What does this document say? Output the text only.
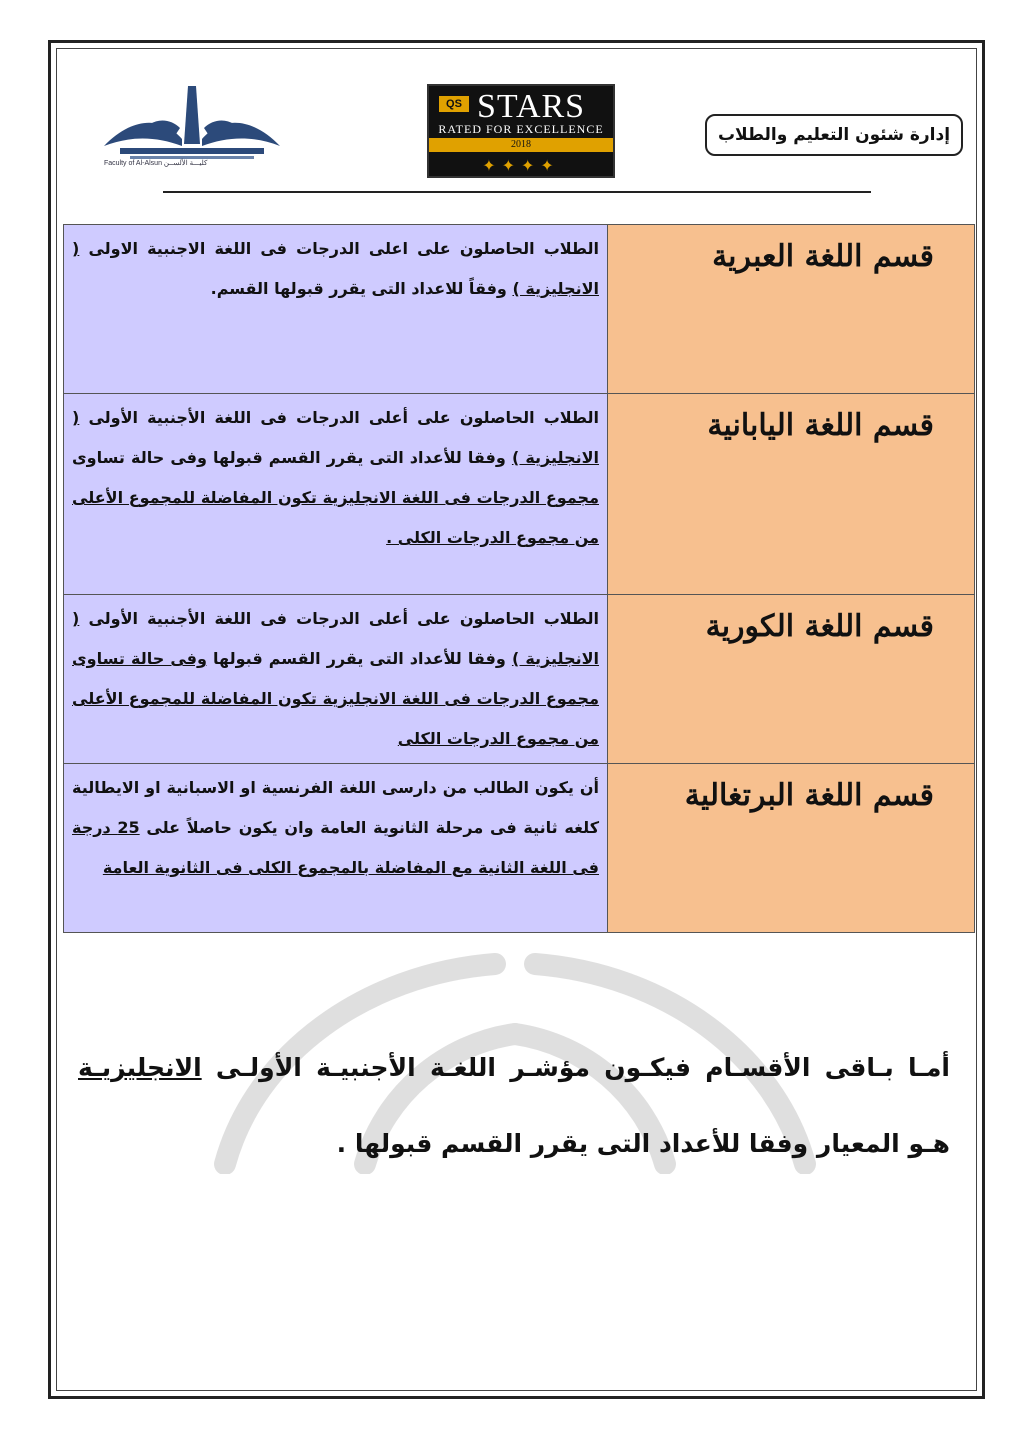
إدارة شئون التعليم والطلاب
QS STARS
RATED FOR EXCELLENCE
2018
✦✦✦✦
Faculty of Al-Alsun كليـــة الألســن
الطلاب الحاصلون على اعلى الدرجات فى اللغة الاجنبية الاولى ( الانجليزية ) وفقاً للاعداد التى يقرر قبولها القسم.	قسم اللغة العبرية

الطلاب الحاصلون على أعلى الدرجات فى اللغة الأجنبية الأولى ( الانجليزية ) وفقا للأعداد التى يقرر القسم قبولها وفى حالة تساوى مجموع الدرجات فى اللغة الانجليزية تكون المفاضلة للمجموع الأعلى من مجموع الدرجات الكلى .	قسم اللغة اليابانية

الطلاب الحاصلون على أعلى الدرجات فى اللغة الأجنبية الأولى ( الانجليزية ) وفقا للأعداد التى يقرر القسم قبولها وفى حالة تساوى مجموع الدرجات فى اللغة الانجليزية تكون المفاضلة للمجموع الأعلى من مجموع الدرجات الكلى	قسم اللغة الكورية

أن يكون الطالب من دارسى اللغة الفرنسية او الاسبانية او الايطالية كلغه ثانية فى مرحلة الثانوية العامة وان يكون حاصلاً على 25 درجة فى اللغة الثانية مع المفاضلة بالمجموع الكلى فى الثانوية العامة	قسم اللغة البرتغالية
أمـا بـاقى الأقسـام فيكـون مؤشـر اللغـة الأجنبيـة الأولـى الانجليزيـة هـو المعيار وفقا للأعداد التى يقرر القسم قبولها .
